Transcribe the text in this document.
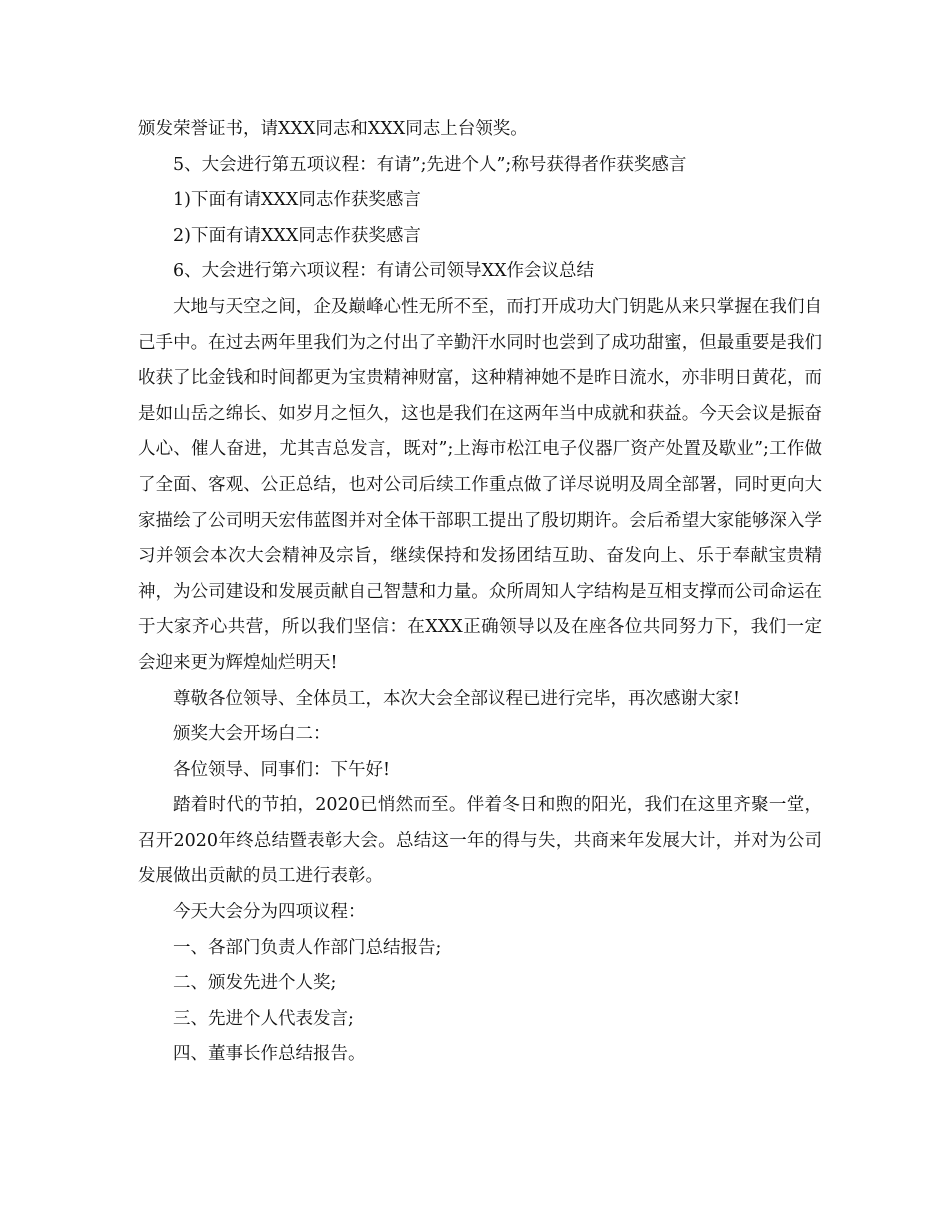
颁发荣誉证书，请XXX同志和XXX同志上台领奖。

5、大会进行第五项议程：有请”;先进个人”;称号获得者作获奖感言

1)下面有请XXX同志作获奖感言

2)下面有请XXX同志作获奖感言

6、大会进行第六项议程：有请公司领导XX作会议总结

大地与天空之间，企及巅峰心性无所不至，而打开成功大门钥匙从来只掌握在我们自己手中。在过去两年里我们为之付出了辛勤汗水同时也尝到了成功甜蜜，但最重要是我们收获了比金钱和时间都更为宝贵精神财富，这种精神她不是昨日流水，亦非明日黄花，而是如山岳之绵长、如岁月之恒久，这也是我们在这两年当中成就和获益。今天会议是振奋人心、催人奋进，尤其吉总发言，既对”;上海市松江电子仪器厂资产处置及歇业”;工作做了全面、客观、公正总结，也对公司后续工作重点做了详尽说明及周全部署，同时更向大家描绘了公司明天宏伟蓝图并对全体干部职工提出了殷切期许。会后希望大家能够深入学习并领会本次大会精神及宗旨，继续保持和发扬团结互助、奋发向上、乐于奉献宝贵精神，为公司建设和发展贡献自己智慧和力量。众所周知人字结构是互相支撑而公司命运在于大家齐心共营，所以我们坚信：在XXX正确领导以及在座各位共同努力下，我们一定会迎来更为辉煌灿烂明天!

尊敬各位领导、全体员工，本次大会全部议程已进行完毕，再次感谢大家!

颁奖大会开场白二：

各位领导、同事们：下午好!

踏着时代的节拍，2020已悄然而至。伴着冬日和煦的阳光，我们在这里齐聚一堂，召开2020年终总结暨表彰大会。总结这一年的得与失，共商来年发展大计，并对为公司发展做出贡献的员工进行表彰。

今天大会分为四项议程：

一、各部门负责人作部门总结报告;

二、颁发先进个人奖;

三、先进个人代表发言;

四、董事长作总结报告。
